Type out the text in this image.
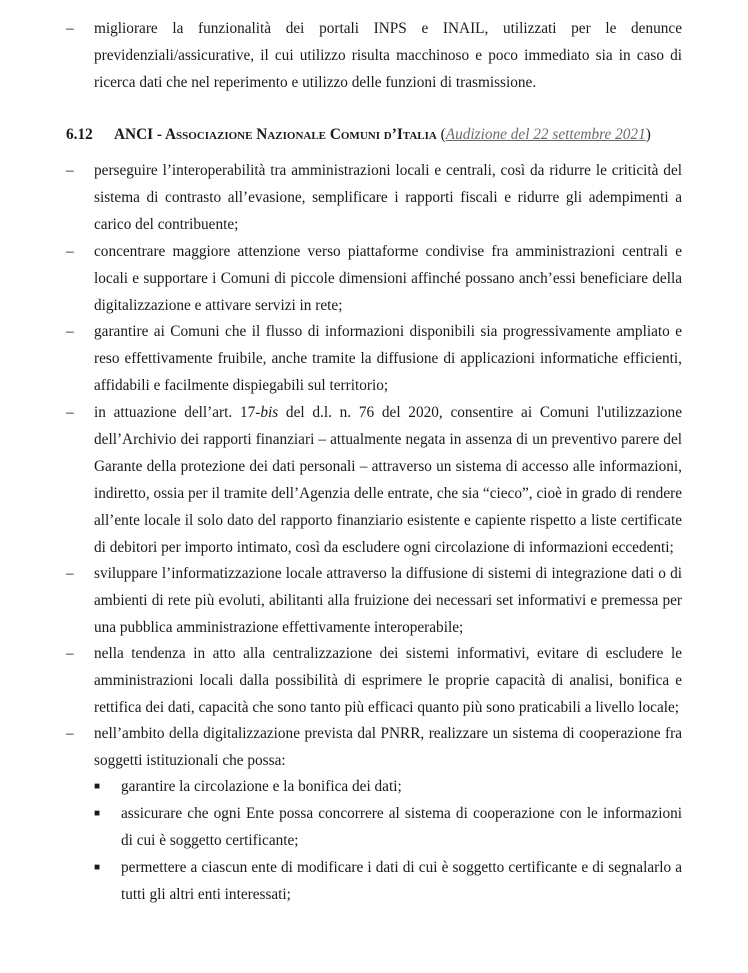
– migliorare la funzionalità dei portali INPS e INAIL, utilizzati per le denunce previdenziali/assicurative, il cui utilizzo risulta macchinoso e poco immediato sia in caso di ricerca dati che nel reperimento e utilizzo delle funzioni di trasmissione.
6.12 ANCI - Associazione Nazionale Comuni d’Italia (Audizione del 22 settembre 2021)
– perseguire l’interoperabilità tra amministrazioni locali e centrali, così da ridurre le criticità del sistema di contrasto all’evasione, semplificare i rapporti fiscali e ridurre gli adempimenti a carico del contribuente;
– concentrare maggiore attenzione verso piattaforme condivise fra amministrazioni centrali e locali e supportare i Comuni di piccole dimensioni affinché possano anch’essi beneficiare della digitalizzazione e attivare servizi in rete;
– garantire ai Comuni che il flusso di informazioni disponibili sia progressivamente ampliato e reso effettivamente fruibile, anche tramite la diffusione di applicazioni informatiche efficienti, affidabili e facilmente dispiegabili sul territorio;
– in attuazione dell’art. 17-bis del d.l. n. 76 del 2020, consentire ai Comuni l'utilizzazione dell’Archivio dei rapporti finanziari – attualmente negata in assenza di un preventivo parere del Garante della protezione dei dati personali – attraverso un sistema di accesso alle informazioni, indiretto, ossia per il tramite dell’Agenzia delle entrate, che sia “cieco”, cioè in grado di rendere all’ente locale il solo dato del rapporto finanziario esistente e capiente rispetto a liste certificate di debitori per importo intimato, così da escludere ogni circolazione di informazioni eccedenti;
– sviluppare l’informatizzazione locale attraverso la diffusione di sistemi di integrazione dati o di ambienti di rete più evoluti, abilitanti alla fruizione dei necessari set informativi e premessa per una pubblica amministrazione effettivamente interoperabile;
– nella tendenza in atto alla centralizzazione dei sistemi informativi, evitare di escludere le amministrazioni locali dalla possibilità di esprimere le proprie capacità di analisi, bonifica e rettifica dei dati, capacità che sono tanto più efficaci quanto più sono praticabili a livello locale;
– nell’ambito della digitalizzazione prevista dal PNRR, realizzare un sistema di cooperazione fra soggetti istituzionali che possa:
■ garantire la circolazione e la bonifica dei dati;
■ assicurare che ogni Ente possa concorrere al sistema di cooperazione con le informazioni di cui è soggetto certificante;
■ permettere a ciascun ente di modificare i dati di cui è soggetto certificante e di segnalarlo a tutti gli altri enti interessati;
